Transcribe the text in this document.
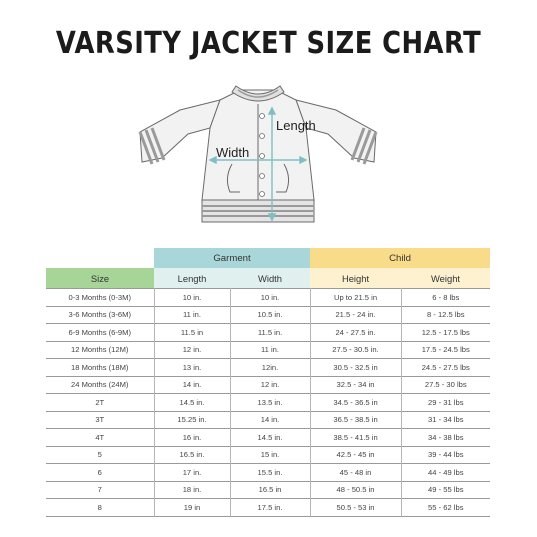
VARSITY JACKET SIZE CHART
Length
Width
	Garment		Child	
Size	Length	Width	Height	Weight
0-3 Months (0-3M)	10 in.	10 in.	Up to 21.5 in	6 - 8 lbs
3-6 Months (3-6M)	11 in.	10.5 in.	21.5 - 24 in.	8 - 12.5 lbs
6-9 Months (6-9M)	11.5 in	11.5 in.	24 - 27.5 in.	12.5 - 17.5 lbs
12 Months (12M)	12 in.	11 in.	27.5 - 30.5 in.	17.5 - 24.5 lbs
18 Months (18M)	13 in.	12in.	30.5 - 32.5 in	24.5 - 27.5 lbs
24 Months (24M)	14 in.	12 in.	32.5 - 34 in	27.5 - 30 lbs
2T	14.5 in.	13.5 in.	34.5 - 36.5 in	29 - 31 lbs
3T	15.25 in.	14 in.	36.5 - 38.5 in	31 - 34 lbs
4T	16 in.	14.5 in.	38.5 - 41.5 in	34 - 38 lbs
5	16.5 in.	15 in.	42.5 - 45 in	39 - 44 lbs
6	17 in.	15.5 in.	45 - 48 in	44 - 49 lbs
7	18 in.	16.5 in	48 - 50.5 in	49 - 55 lbs
8	19 in	17.5 in.	50.5 - 53 in	55 - 62 lbs
